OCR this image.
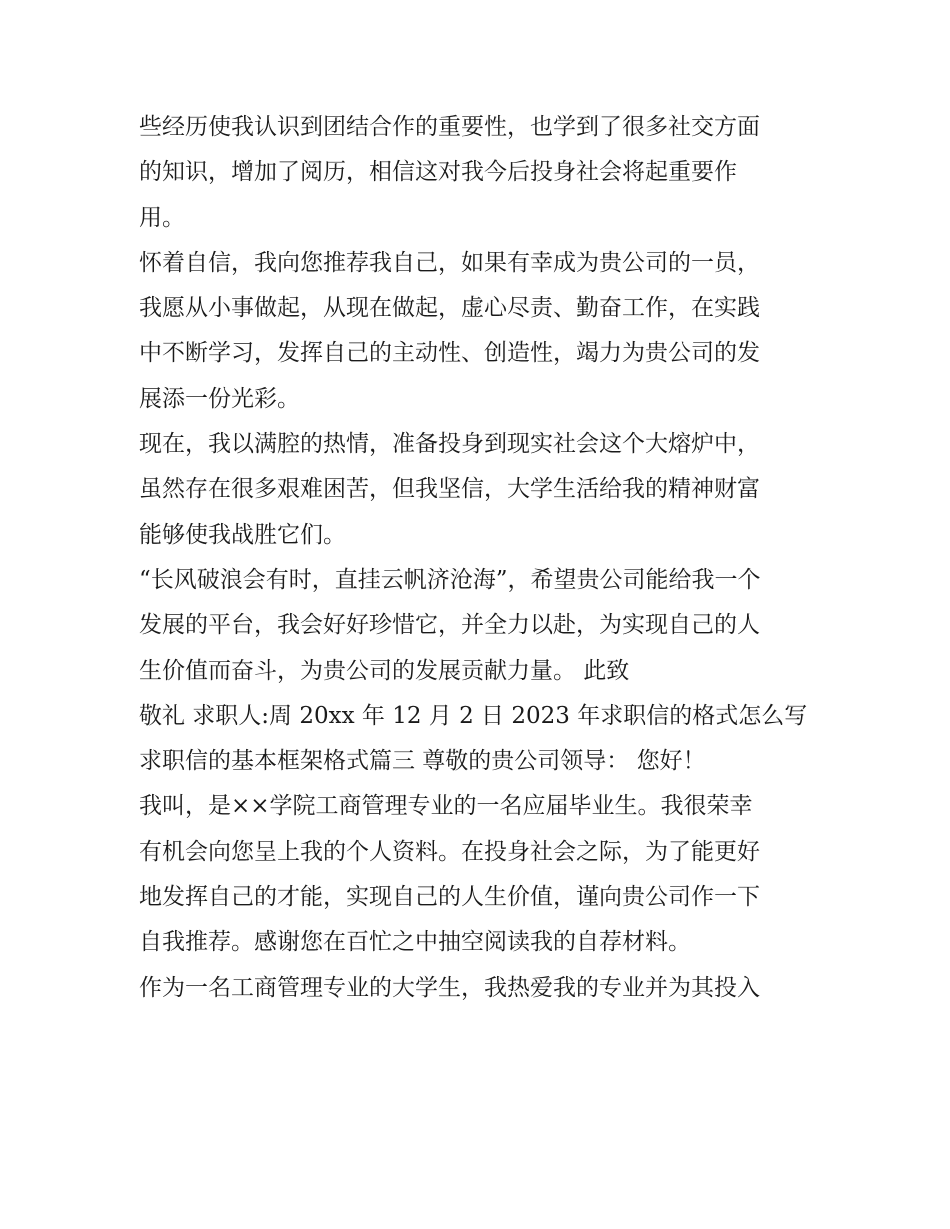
些经历使我认识到团结合作的重要性，也学到了很多社交方面
的知识，增加了阅历，相信这对我今后投身社会将起重要作
用。
怀着自信，我向您推荐我自己，如果有幸成为贵公司的一员，
我愿从小事做起，从现在做起，虚心尽责、勤奋工作，在实践
中不断学习，发挥自己的主动性、创造性，竭力为贵公司的发
展添一份光彩。
现在，我以满腔的热情，准备投身到现实社会这个大熔炉中，
虽然存在很多艰难困苦，但我坚信，大学生活给我的精神财富
能够使我战胜它们。
“长风破浪会有时，直挂云帆济沧海”，希望贵公司能给我一个
发展的平台，我会好好珍惜它，并全力以赴，为实现自己的人
生价值而奋斗，为贵公司的发展贡献力量。 此致
敬礼 求职人:周 20xx 年 12 月 2 日 2023 年求职信的格式怎么写
求职信的基本框架格式篇三 尊敬的贵公司领导： 您好！
我叫，是××学院工商管理专业的一名应届毕业生。我很荣幸
有机会向您呈上我的个人资料。在投身社会之际，为了能更好
地发挥自己的才能，实现自己的人生价值，谨向贵公司作一下
自我推荐。感谢您在百忙之中抽空阅读我的自荐材料。
作为一名工商管理专业的大学生，我热爱我的专业并为其投入
